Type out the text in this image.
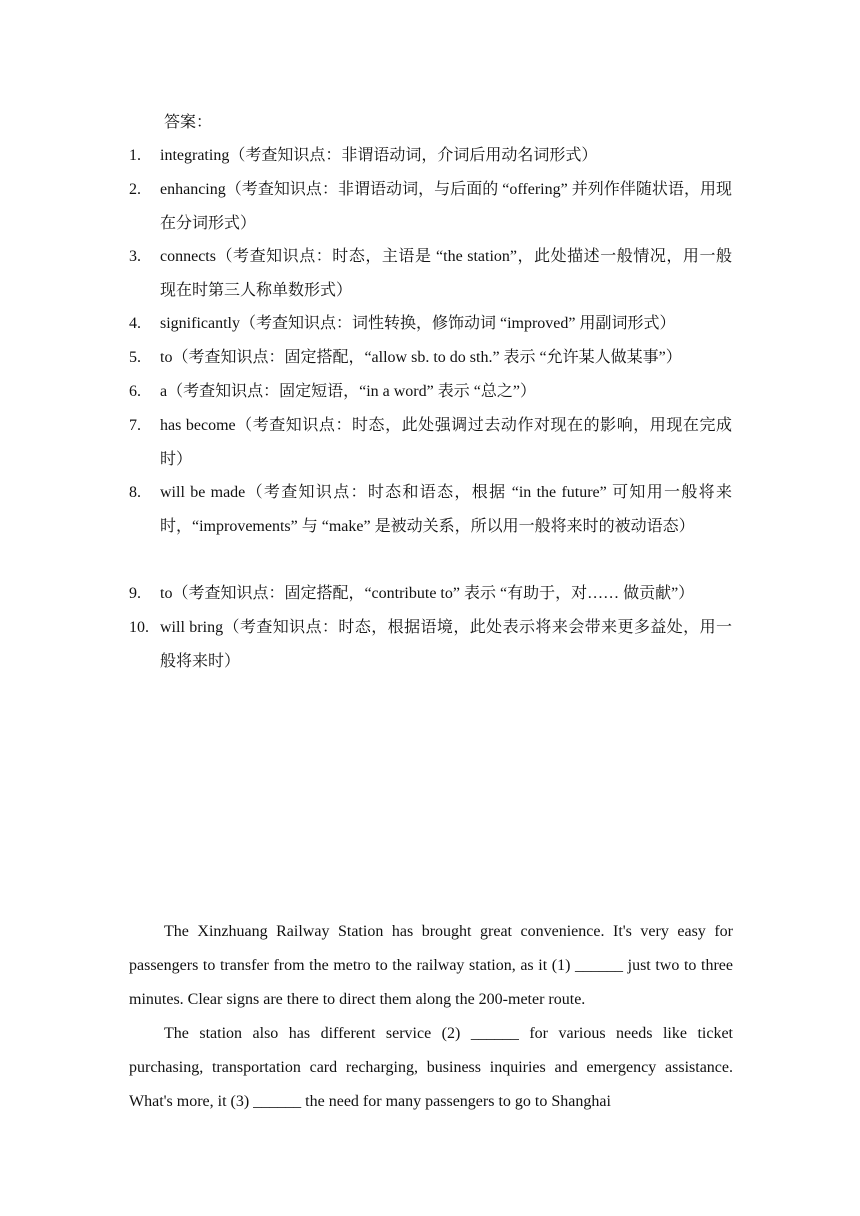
答案：
1. integrating（考查知识点：非谓语动词，介词后用动名词形式）
2. enhancing（考查知识点：非谓语动词，与后面的 “offering” 并列作伴随状语，用现在分词形式）
3. connects（考查知识点：时态，主语是 “the station”，此处描述一般情况，用一般现在时第三人称单数形式）
4. significantly（考查知识点：词性转换，修饰动词 “improved” 用副词形式）
5. to（考查知识点：固定搭配，“allow sb. to do sth.” 表示 “允许某人做某事”）
6. a（考查知识点：固定短语，“in a word” 表示 “总之”）
7. has become（考查知识点：时态，此处强调过去动作对现在的影响，用现在完成时）
8. will be made（考查知识点：时态和语态，根据 “in the future” 可知用一般将来时，“improvements” 与 “make” 是被动关系，所以用一般将来时的被动语态）
9. to（考查知识点：固定搭配，“contribute to” 表示 “有助于，对…… 做贡献”）
10. will bring（考查知识点：时态，根据语境，此处表示将来会带来更多益处，用一般将来时）

The Xinzhuang Railway Station has brought great convenience. It's very easy for passengers to transfer from the metro to the railway station, as it (1) ______ just two to three minutes. Clear signs are there to direct them along the 200-meter route.

The station also has different service (2) ______ for various needs like ticket purchasing, transportation card recharging, business inquiries and emergency assistance. What's more, it (3) ______ the need for many passengers to go to Shanghai
